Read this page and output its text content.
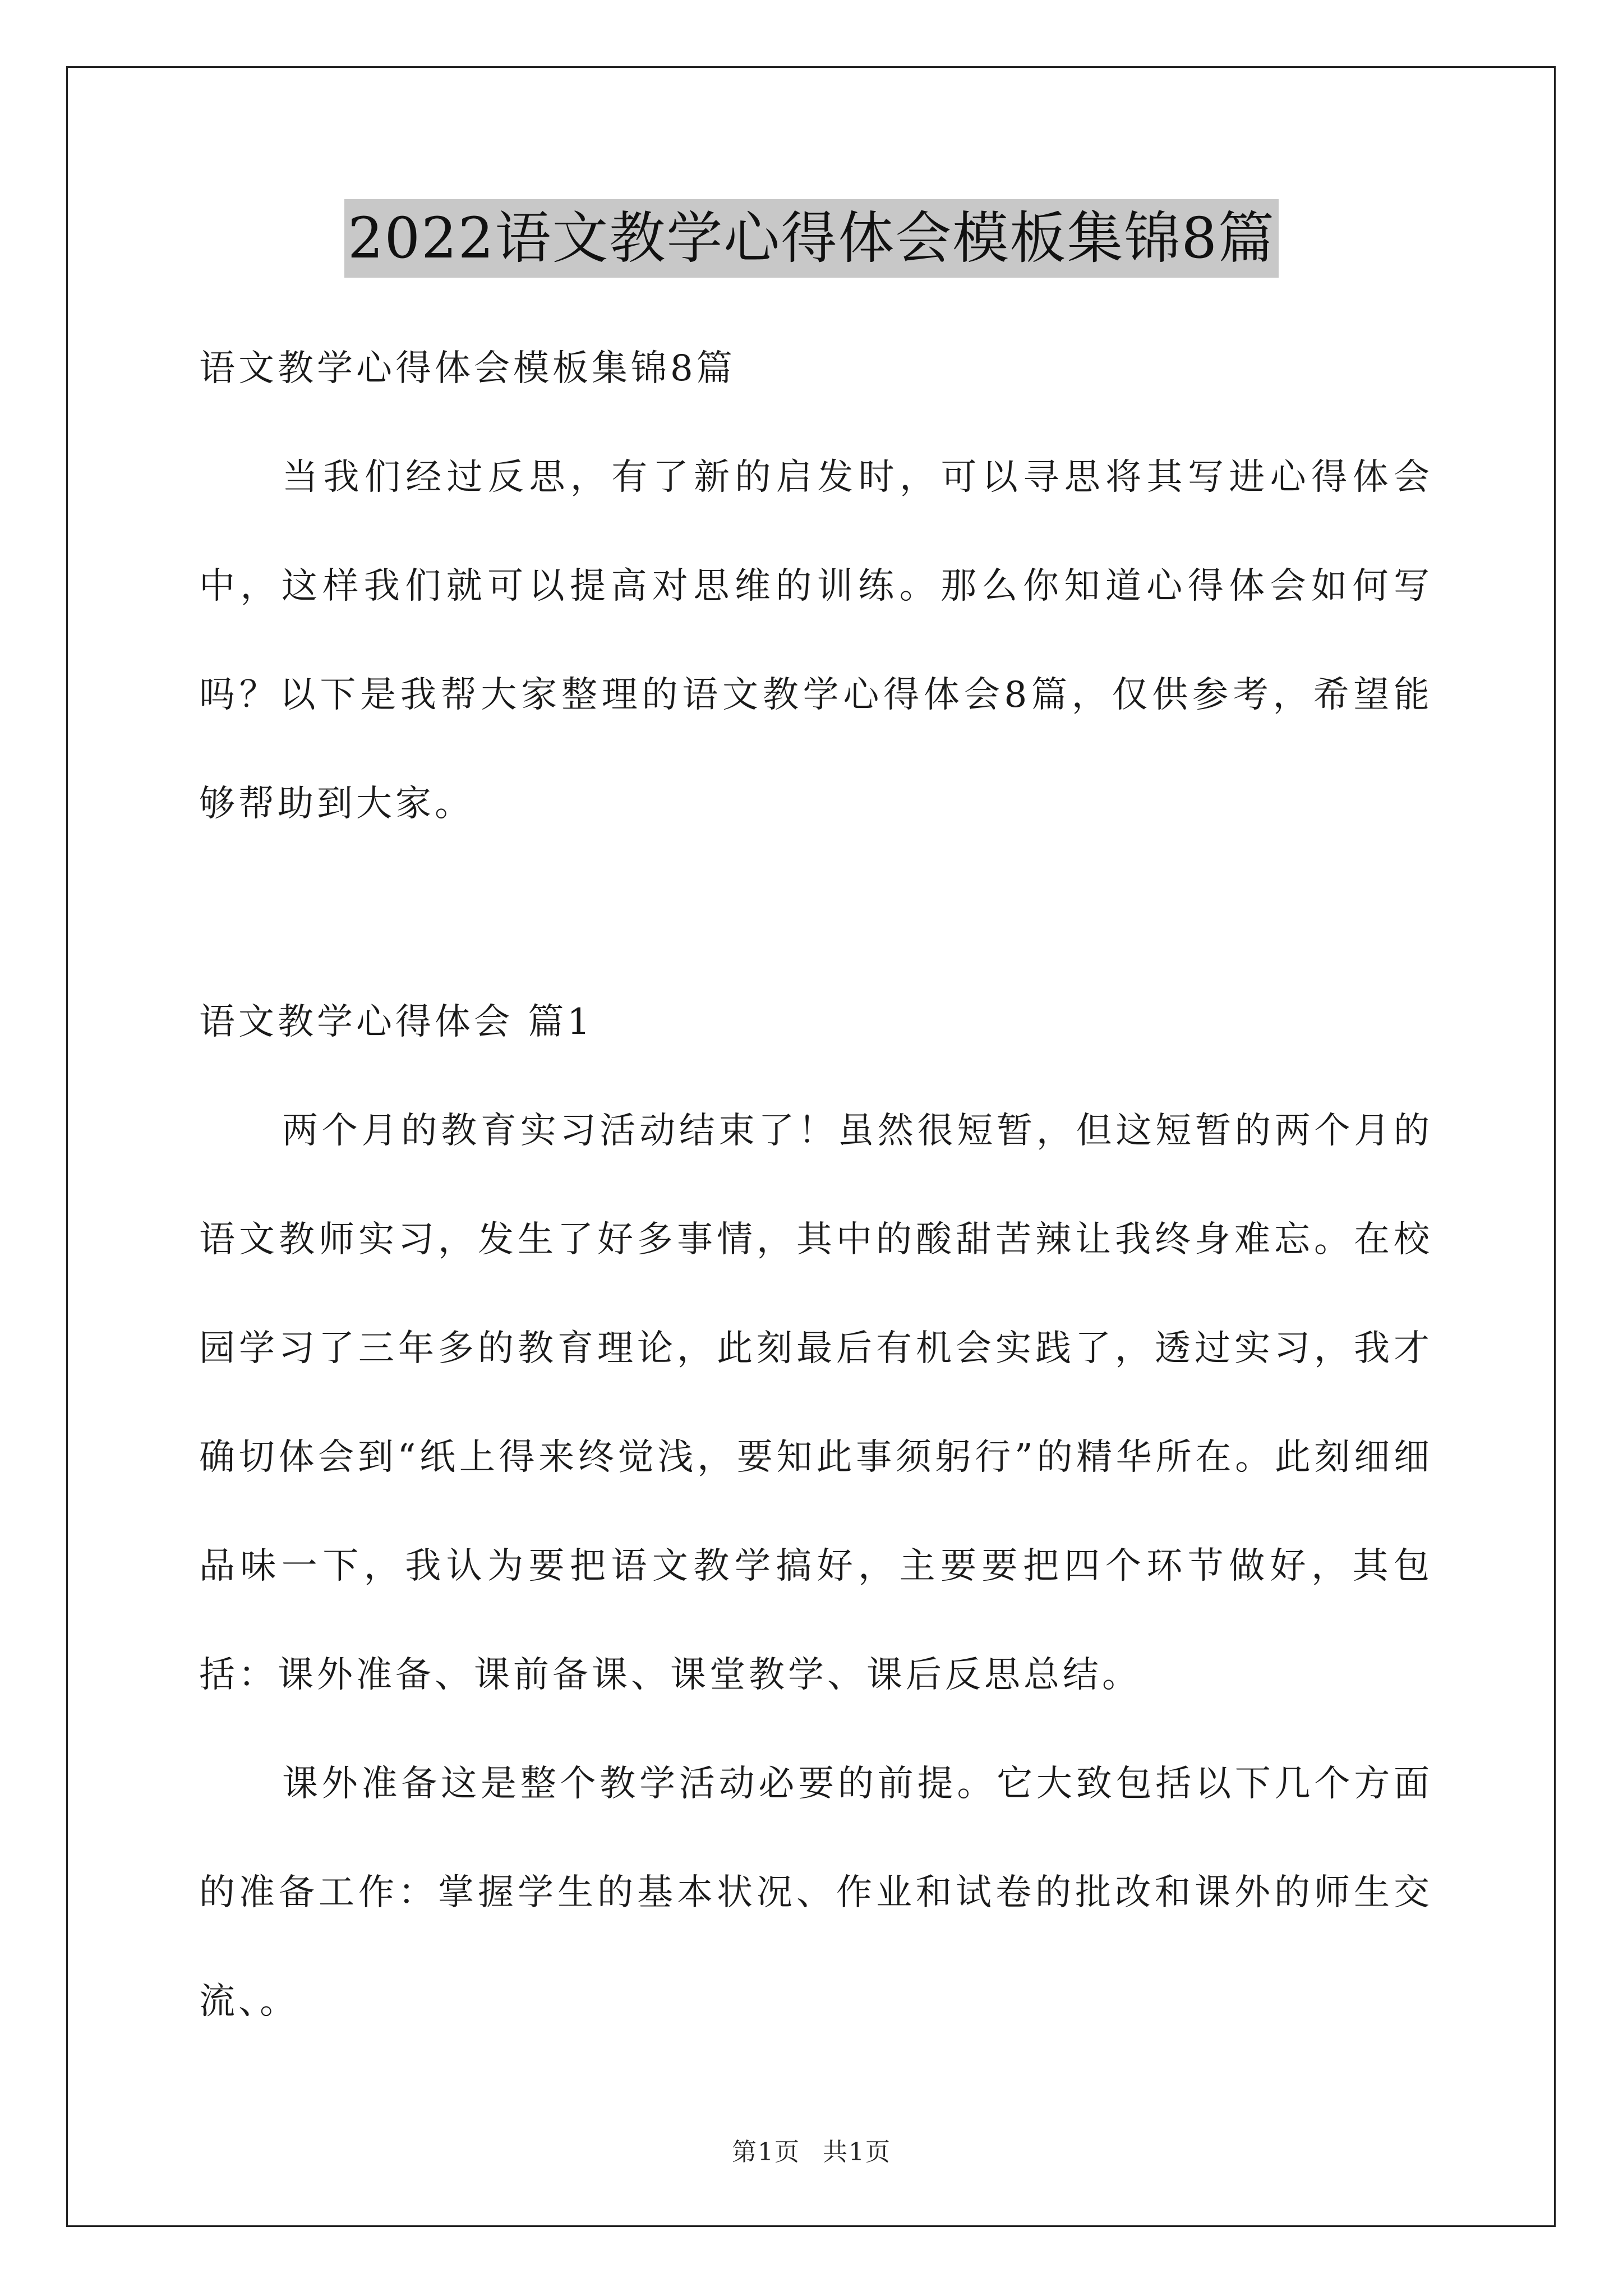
2022语文教学心得体会模板集锦8篇

语文教学心得体会模板集锦8篇

当我们经过反思，有了新的启发时，可以寻思将其写进心得体会中，这样我们就可以提高对思维的训练。那么你知道心得体会如何写吗？以下是我帮大家整理的语文教学心得体会8篇，仅供参考，希望能够帮助到大家。

语文教学心得体会 篇1

两个月的教育实习活动结束了！虽然很短暂，但这短暂的两个月的语文教师实习，发生了好多事情，其中的酸甜苦辣让我终身难忘。在校园学习了三年多的教育理论，此刻最后有机会实践了，透过实习，我才确切体会到“纸上得来终觉浅，要知此事须躬行”的精华所在。此刻细细品味一下，我认为要把语文教学搞好，主要要把四个环节做好，其包括：课外准备、课前备课、课堂教学、课后反思总结。

课外准备这是整个教学活动必要的前提。它大致包括以下几个方面的准备工作：掌握学生的基本状况、作业和试卷的批改和课外的师生交流、。

第1页 共1页
